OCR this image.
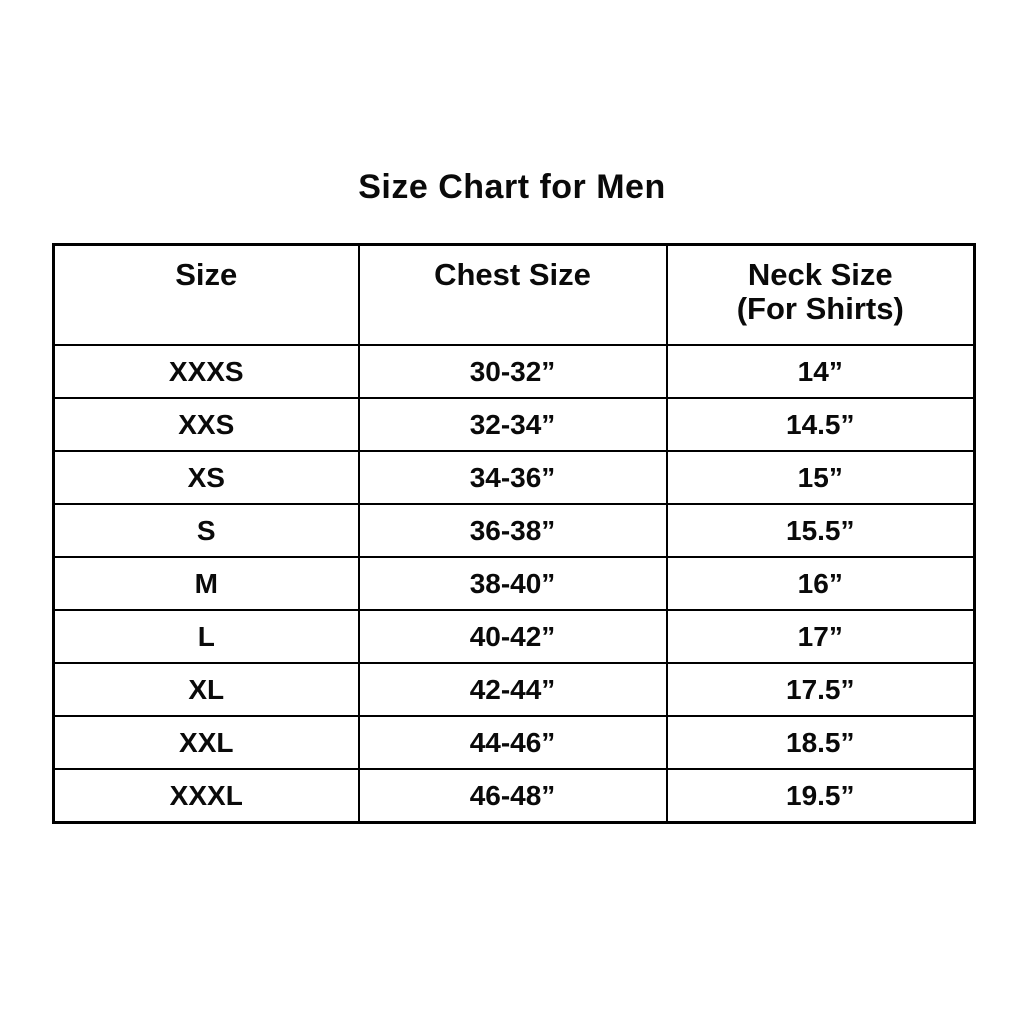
Size Chart for Men
Size	Chest Size	Neck Size
(For Shirts)
XXXS	30-32”	14”
XXS	32-34”	14.5”
XS	34-36”	15”
S	36-38”	15.5”
M	38-40”	16”
L	40-42”	17”
XL	42-44”	17.5”
XXL	44-46”	18.5”
XXXL	46-48”	19.5”
